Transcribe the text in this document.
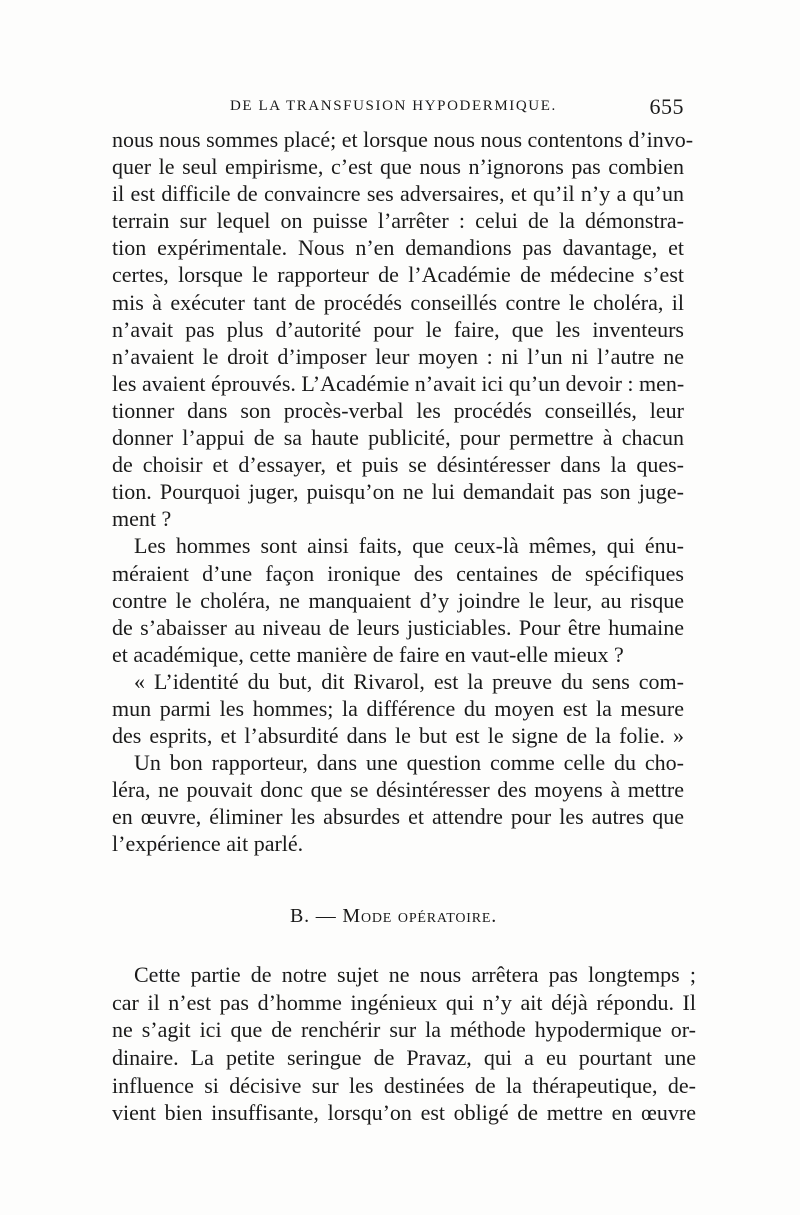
DE LA TRANSFUSION HYPODERMIQUE.	655
nous nous sommes placé; et lorsque nous nous contentons d’invo-
quer le seul empirisme, c’est que nous n’ignorons pas combien
il est difficile de convaincre ses adversaires, et qu’il n’y a qu’un
terrain sur lequel on puisse l’arrêter : celui de la démonstra-
tion expérimentale. Nous n’en demandions pas davantage, et
certes, lorsque le rapporteur de l’Académie de médecine s’est
mis à exécuter tant de procédés conseillés contre le choléra, il
n’avait pas plus d’autorité pour le faire, que les inventeurs
n’avaient le droit d’imposer leur moyen : ni l’un ni l’autre ne
les avaient éprouvés. L’Académie n’avait ici qu’un devoir : men-
tionner dans son procès-verbal les procédés conseillés, leur
donner l’appui de sa haute publicité, pour permettre à chacun
de choisir et d’essayer, et puis se désintéresser dans la ques-
tion. Pourquoi juger, puisqu’on ne lui demandait pas son juge-
ment ?
Les hommes sont ainsi faits, que ceux-là mêmes, qui énu-
méraient d’une façon ironique des centaines de spécifiques
contre le choléra, ne manquaient d’y joindre le leur, au risque
de s’abaisser au niveau de leurs justiciables. Pour être humaine
et académique, cette manière de faire en vaut-elle mieux ?
« L’identité du but, dit Rivarol, est la preuve du sens com-
mun parmi les hommes; la différence du moyen est la mesure
des esprits, et l’absurdité dans le but est le signe de la folie. »
Un bon rapporteur, dans une question comme celle du cho-
léra, ne pouvait donc que se désintéresser des moyens à mettre
en œuvre, éliminer les absurdes et attendre pour les autres que
l’expérience ait parlé.
B. — Mode opératoire.
Cette partie de notre sujet ne nous arrêtera pas longtemps ;
car il n’est pas d’homme ingénieux qui n’y ait déjà répondu. Il
ne s’agit ici que de renchérir sur la méthode hypodermique or-
dinaire. La petite seringue de Pravaz, qui a eu pourtant une
influence si décisive sur les destinées de la thérapeutique, de-
vient bien insuffisante, lorsqu’on est obligé de mettre en œuvre
